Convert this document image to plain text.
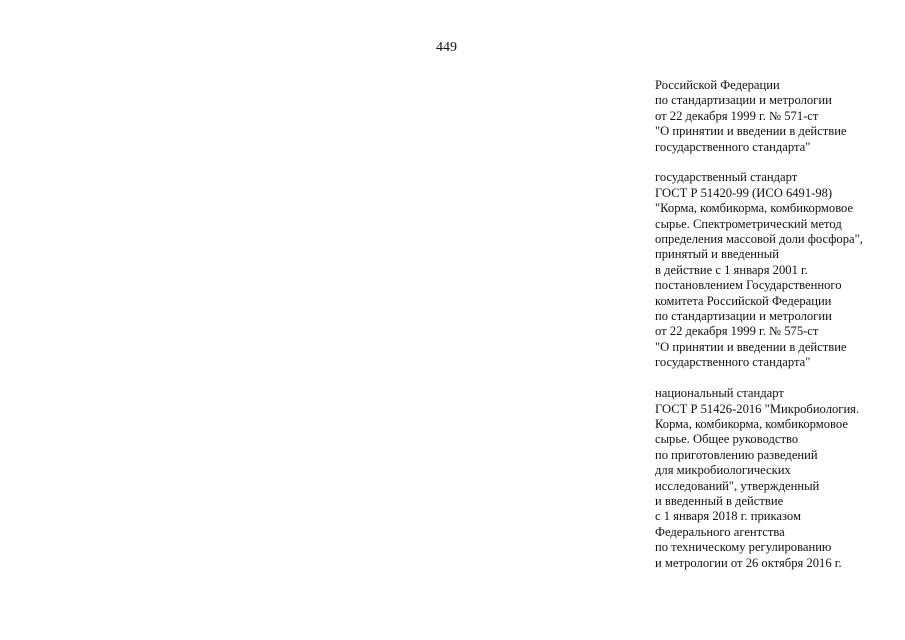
449
Российской Федерации
по стандартизации и метрологии
от 22 декабря 1999 г. № 571-ст
"О принятии и введении в действие
государственного стандарта"
государственный стандарт
ГОСТ Р 51420-99 (ИСО 6491-98)
"Корма, комбикорма, комбикормовое
сырье. Спектрометрический метод
определения массовой доли фосфора",
принятый и введенный
в действие с 1 января 2001 г.
постановлением Государственного
комитета Российской Федерации
по стандартизации и метрологии
от 22 декабря 1999 г. № 575-ст
"О принятии и введении в действие
государственного стандарта"
национальный стандарт
ГОСТ Р 51426-2016 "Микробиология.
Корма, комбикорма, комбикормовое
сырье. Общее руководство
по приготовлению разведений
для микробиологических
исследований", утвержденный
и введенный в действие
с 1 января 2018 г. приказом
Федерального агентства
по техническому регулированию
и метрологии от 26 октября 2016 г.
